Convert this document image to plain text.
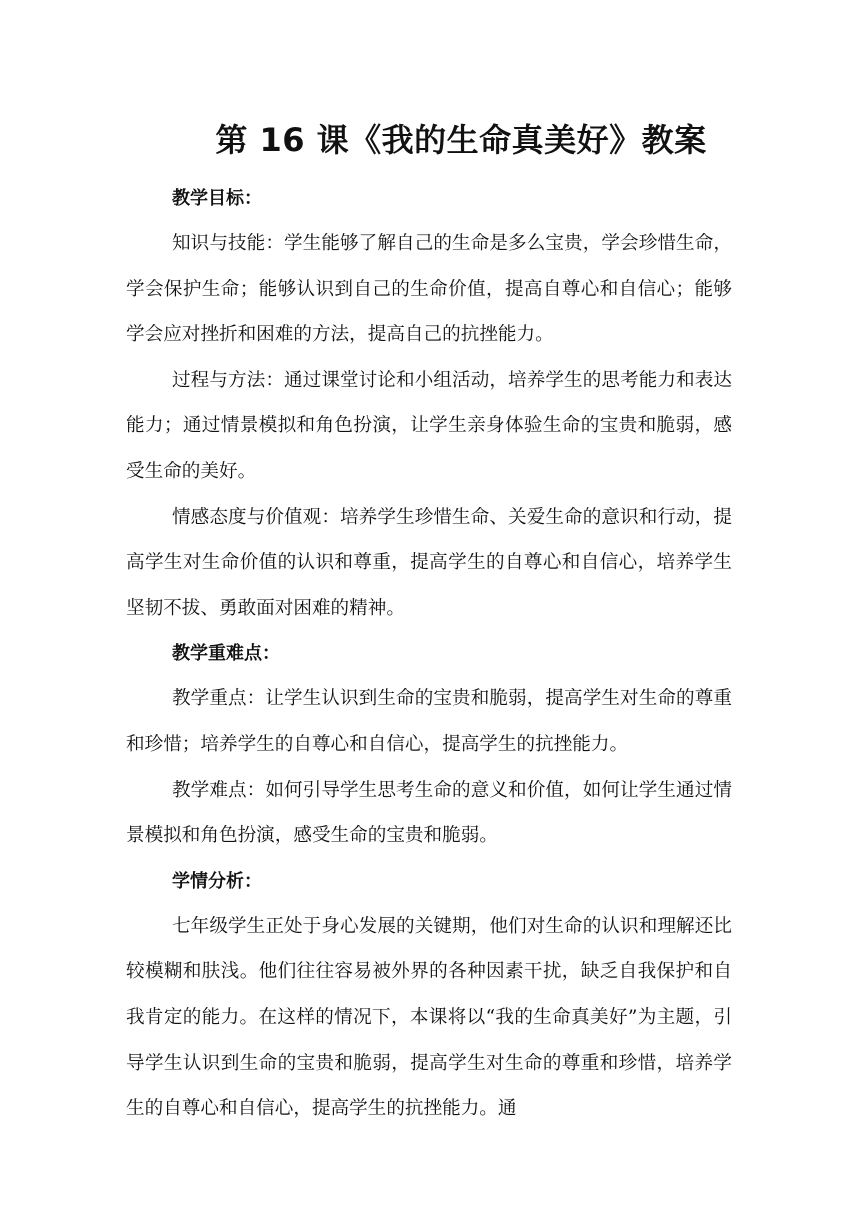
第 16 课《我的生命真美好》教案
教学目标：

知识与技能：学生能够了解自己的生命是多么宝贵，学会珍惜生命，学会保护生命；能够认识到自己的生命价值，提高自尊心和自信心；能够学会应对挫折和困难的方法，提高自己的抗挫能力。

过程与方法：通过课堂讨论和小组活动，培养学生的思考能力和表达能力；通过情景模拟和角色扮演，让学生亲身体验生命的宝贵和脆弱，感受生命的美好。

情感态度与价值观：培养学生珍惜生命、关爱生命的意识和行动，提高学生对生命价值的认识和尊重，提高学生的自尊心和自信心，培养学生坚韧不拔、勇敢面对困难的精神。

教学重难点：

教学重点：让学生认识到生命的宝贵和脆弱，提高学生对生命的尊重和珍惜；培养学生的自尊心和自信心，提高学生的抗挫能力。

教学难点：如何引导学生思考生命的意义和价值，如何让学生通过情景模拟和角色扮演，感受生命的宝贵和脆弱。

学情分析：

七年级学生正处于身心发展的关键期，他们对生命的认识和理解还比较模糊和肤浅。他们往往容易被外界的各种因素干扰，缺乏自我保护和自我肯定的能力。在这样的情况下，本课将以“我的生命真美好”为主题，引导学生认识到生命的宝贵和脆弱，提高学生对生命的尊重和珍惜，培养学生的自尊心和自信心，提高学生的抗挫能力。通
